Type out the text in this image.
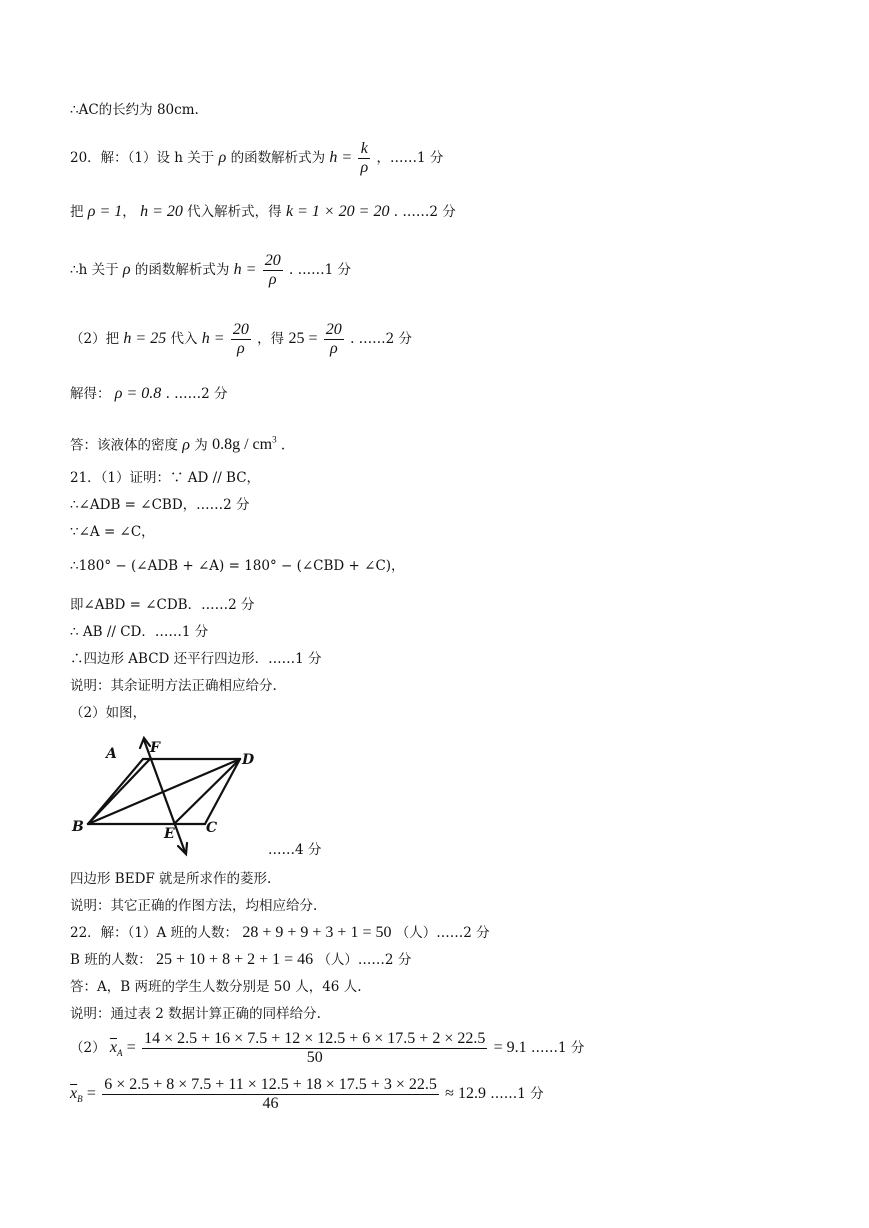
∴AC的长约为 80cm.
20．解：（1）设 h 关于 ρ 的函数解析式为 $h = \frac{k}{\rho}$ ，……1 分
把 ρ = 1， h = 20 代入解析式，得 k = 1 × 20 = 20 . ……2 分
∴h 关于 ρ 的函数解析式为 $h = \frac{20}{\rho}$ . ……1 分
（2）把 h = 25 代入 $h = \frac{20}{\rho}$ ，得 $25 = \frac{20}{\rho}$ . ……2 分
解得： ρ = 0.8 . ……2 分
答：该液体的密度 ρ 为 $0.8g / cm^3$ .
21．（1）证明：∵ AD // BC，
∴∠ADB = ∠CBD，……2 分
∵∠A = ∠C，
∴180° − (∠ADB + ∠A) = 180° − (∠CBD + ∠C)，
即∠ABD = ∠CDB．……2 分
∴ AB // CD．……1 分
∴四边形 ABCD 还平行四边形．……1 分
说明：其余证明方法正确相应给分.
（2）如图，
A F
D
B	E C
……4 分
四边形 BEDF 就是所求作的菱形.
说明：其它正确的作图方法，均相应给分.
22．解：（1）A 班的人数： 28 + 9 + 9 + 3 + 1 = 50 （人）……2 分
B 班的人数： 25 + 10 + 8 + 2 + 1 = 46 （人）……2 分
答：A，B 两班的学生人数分别是 50 人，46 人.
说明：通过表 2 数据计算正确的同样给分.
（2） $\overline{x}_A = \frac{14 \times 2.5 + 16 \times 7.5 + 12 \times 12.5 + 6 \times 17.5 + 2 \times 22.5}{50} = 9.1$ ……1 分
$\overline{x}_B = \frac{6 \times 2.5 + 8 \times 7.5 + 11 \times 12.5 + 18 \times 17.5 + 3 \times 22.5}{46} \approx 12.9$ ……1 分
